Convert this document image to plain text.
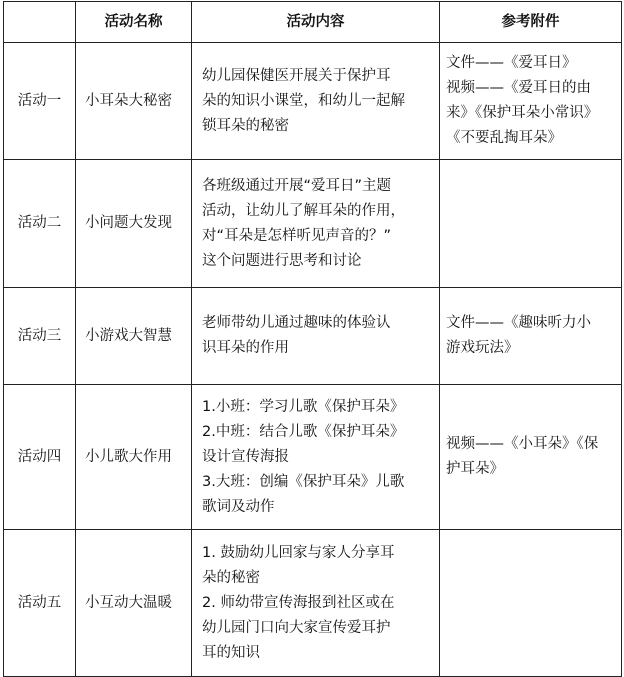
	活动名称	活动内容	参考附件
活动一	小耳朵大秘密	幼儿园保健医开展关于保护耳
朵的知识小课堂，和幼儿一起解
锁耳朵的秘密	文件——《爱耳日》
视频——《爱耳日的由
来》《保护耳朵小常识》
《不要乱掏耳朵》

活动二	小问题大发现	各班级通过开展“爱耳日”主题
活动，让幼儿了解耳朵的作用，
对“耳朵是怎样听见声音的？”
这个问题进行思考和讨论	

活动三	小游戏大智慧	老师带幼儿通过趣味的体验认
识耳朵的作用	文件——《趣味听力小
游戏玩法》

活动四	小儿歌大作用	1.小班：学习儿歌《保护耳朵》
2.中班：结合儿歌《保护耳朵》
设计宣传海报
3.大班：创编《保护耳朵》儿歌
歌词及动作	视频——《小耳朵》《保
护耳朵》

活动五	小互动大温暖	1. 鼓励幼儿回家与家人分享耳
朵的秘密
2. 师幼带宣传海报到社区或在
幼儿园门口向大家宣传爱耳护
耳的知识	
